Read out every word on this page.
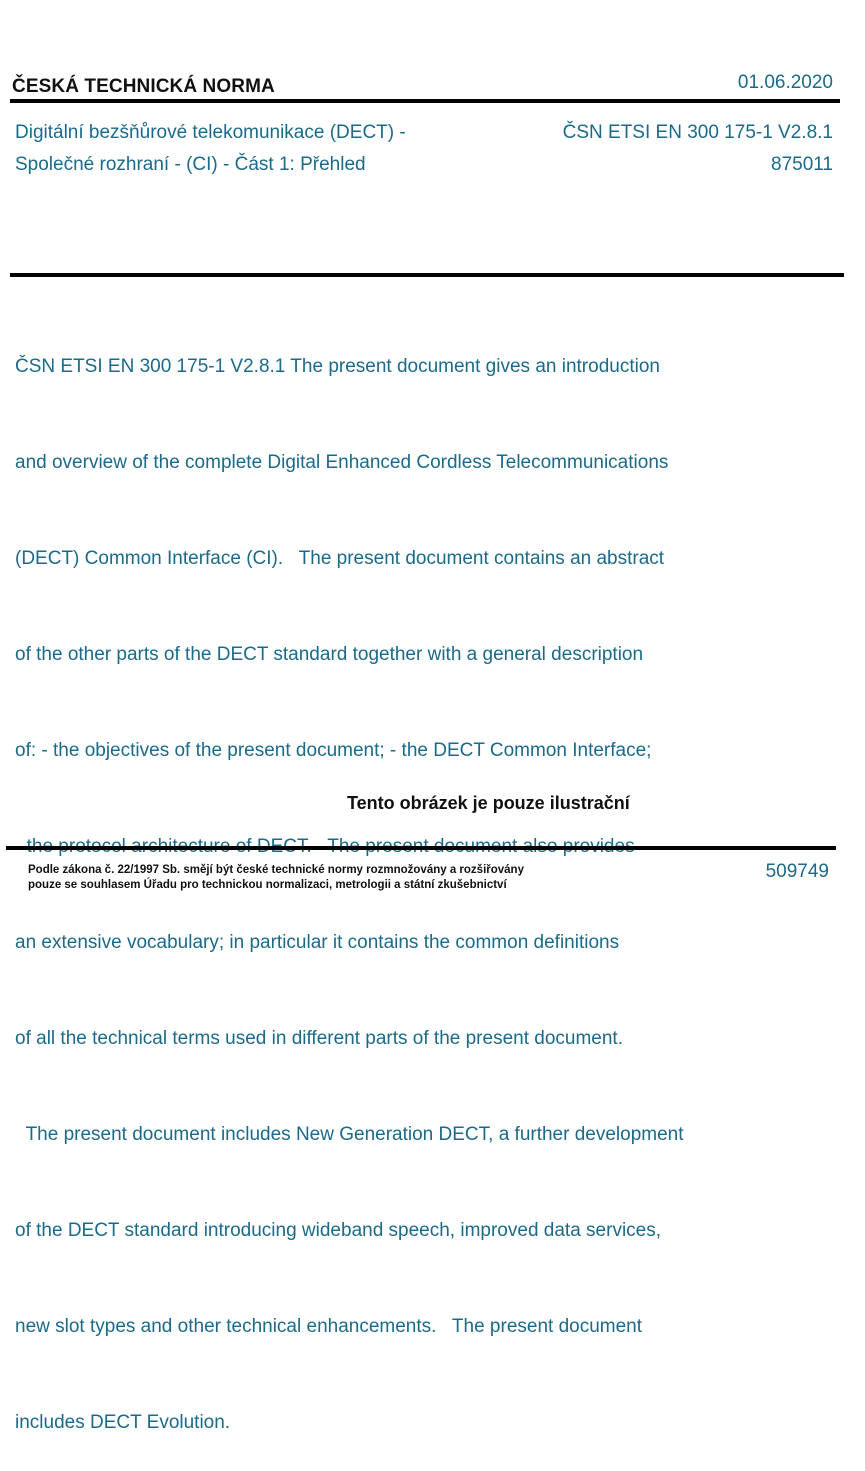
ČESKÁ TECHNICKÁ NORMA	01.06.2020
Digitální bezšňůrové telekomunikace (DECT) -
Společné rozhraní - (CI) - Část 1: Přehled
ČSN ETSI EN 300 175-1 V2.8.1
875011

ČSN ETSI EN 300 175-1 V2.8.1 The present document gives an introduction

and overview of the complete Digital Enhanced Cordless Telecommunications

(DECT) Common Interface (CI).   The present document contains an abstract

of the other parts of the DECT standard together with a general description

of: - the objectives of the present document; - the DECT Common Interface;

an extensive vocabulary; in particular it contains the common definitions

of all the technical terms used in different parts of the present document.

The present document includes New Generation DECT, a further development

of the DECT standard introducing wideband speech, improved data services,

new slot types and other technical enhancements.   The present document

includes DECT Evolution.

Tento obrázek je pouze ilustrační
Podle zákona č. 22/1997 Sb. smějí být české technické normy rozmnožovány a rozšiřovány
pouze se souhlasem Úřadu pro technickou normalizaci, metrologii a státní zkušebnictví
509749
